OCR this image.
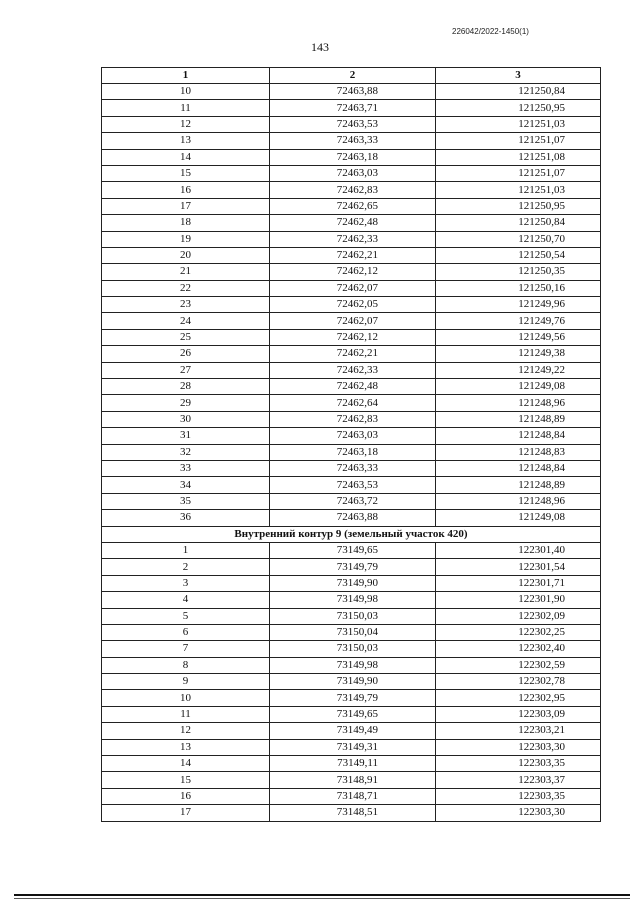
226042/2022-1450(1)
143
1	2	3
10	72463,88	121250,84
11	72463,71	121250,95
12	72463,53	121251,03
13	72463,33	121251,07
14	72463,18	121251,08
15	72463,03	121251,07
16	72462,83	121251,03
17	72462,65	121250,95
18	72462,48	121250,84
19	72462,33	121250,70
20	72462,21	121250,54
21	72462,12	121250,35
22	72462,07	121250,16
23	72462,05	121249,96
24	72462,07	121249,76
25	72462,12	121249,56
26	72462,21	121249,38
27	72462,33	121249,22
28	72462,48	121249,08
29	72462,64	121248,96
30	72462,83	121248,89
31	72463,03	121248,84
32	72463,18	121248,83
33	72463,33	121248,84
34	72463,53	121248,89
35	72463,72	121248,96
36	72463,88	121249,08
Внутренний контур 9 (земельный участок 420)		
1	73149,65	122301,40
2	73149,79	122301,54
3	73149,90	122301,71
4	73149,98	122301,90
5	73150,03	122302,09
6	73150,04	122302,25
7	73150,03	122302,40
8	73149,98	122302,59
9	73149,90	122302,78
10	73149,79	122302,95
11	73149,65	122303,09
12	73149,49	122303,21
13	73149,31	122303,30
14	73149,11	122303,35
15	73148,91	122303,37
16	73148,71	122303,35
17	73148,51	122303,30
